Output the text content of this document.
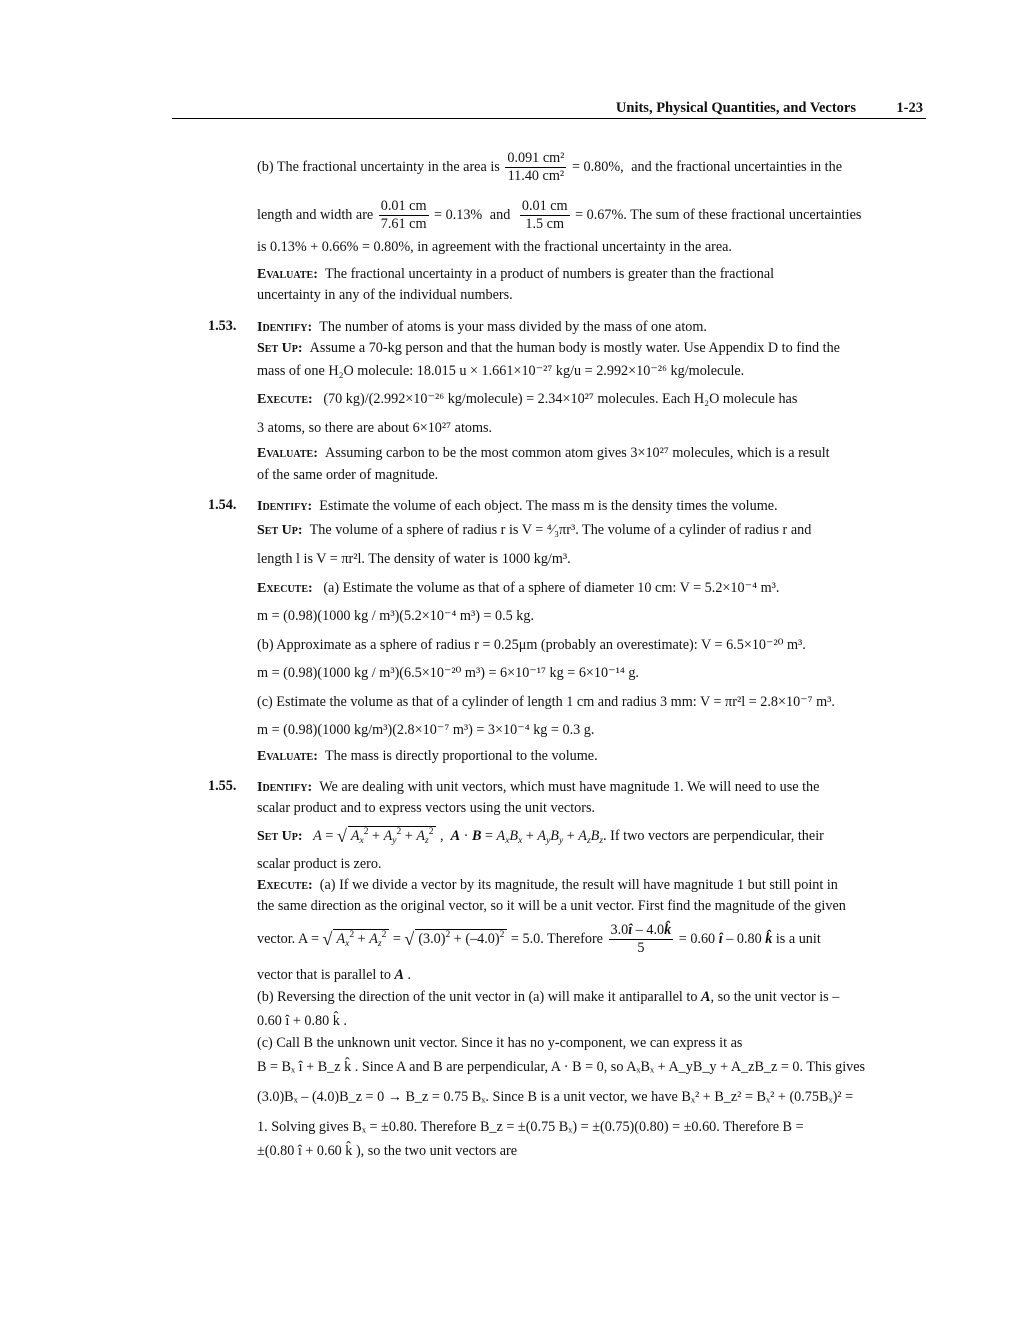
Units, Physical Quantities, and Vectors	1-23
(b) The fractional uncertainty in the area is $\frac{\text{0.091 cm²}}{\text{11.40 cm²}} = 0.80\%$, and the fractional uncertainties in the
length and width are $\frac{0.01 cm}{7.61 cm} = 0.13\%$ and $\frac{0.01 cm}{1.5 cm} = 0.67\%$. The sum of these fractional uncertainties
is 0.13% + 0.66% = 0.80%, in agreement with the fractional uncertainty in the area.
Evaluate: The fractional uncertainty in a product of numbers is greater than the fractional
uncertainty in any of the individual numbers.
1.53. Identify: The number of atoms is your mass divided by the mass of one atom.
Set Up: Assume a 70-kg person and that the human body is mostly water. Use Appendix D to find the
mass of one H₂O molecule: 18.015 u × 1.661×10⁻²⁷ kg/u = 2.992×10⁻²⁶ kg/molecule.
Execute: (70 kg)/(2.992×10⁻²⁶ kg/molecule) = 2.34×10²⁷ molecules. Each H₂O molecule has
3 atoms, so there are about 6×10²⁷ atoms.
Evaluate: Assuming carbon to be the most common atom gives 3×10²⁷ molecules, which is a result
of the same order of magnitude.
1.54. Identify: Estimate the volume of each object. The mass m is the density times the volume.
Set Up: The volume of a sphere of radius r is V = ⁴⁄₃πr³. The volume of a cylinder of radius r and
length l is V = πr²l. The density of water is 1000 kg/m³.
Execute: (a) Estimate the volume as that of a sphere of diameter 10 cm: V = 5.2×10⁻⁴ m³.
m = (0.98)(1000 kg / m³)(5.2×10⁻⁴ m³) = 0.5 kg.
(b) Approximate as a sphere of radius r = 0.25μm (probably an overestimate): V = 6.5×10⁻²⁰ m³.
m = (0.98)(1000 kg / m³)(6.5×10⁻²⁰ m³) = 6×10⁻¹⁷ kg = 6×10⁻¹⁴ g.
(c) Estimate the volume as that of a cylinder of length 1 cm and radius 3 mm: V = πr²l = 2.8×10⁻⁷ m³.
m = (0.98)(1000 kg/m³)(2.8×10⁻⁷ m³) = 3×10⁻⁴ kg = 0.3 g.
Evaluate: The mass is directly proportional to the volume.
1.55. Identify: We are dealing with unit vectors, which must have magnitude 1. We will need to use the
scalar product and to express vectors using the unit vectors.
Set Up: A = √ $A_x^2 + A_y^2 + A_z^2$ ,  $A \cdot B = A_xB_x + A_yB_y + A_zB_z$. If two vectors are perpendicular, their
scalar product is zero.
Execute: (a) If we divide a vector by its magnitude, the result will have magnitude 1 but still point in
the same direction as the original vector, so it will be a unit vector. First find the magnitude of the given
vector. A = √ $A_x^2 + A_z^2$ = √ $(3.0)^2 + (-4.0)^2 = 5.0$. Therefore $\frac{3.0î - 4.0k̂}{5} = 0.60$ î – 0.80 k̂ is a unit
vector that is parallel to A .
(b) Reversing the direction of the unit vector in (a) will make it antiparallel to A, so the unit vector is –
0.60 î + 0.80 k̂ .
(c) Call B the unknown unit vector. Since it has no y-component, we can express it as
B = Bₓ î + B_z k̂ . Since A and B are perpendicular, A · B = 0, so AₓBₓ + A_yB_y + A_zB_z = 0. This gives
(3.0)Bₓ – (4.0)B_z = 0 → B_z = 0.75 Bₓ. Since B is a unit vector, we have Bₓ² + B_z² = Bₓ² + (0.75Bₓ)² =
1. Solving gives Bₓ = ±0.80. Therefore B_z = ±(0.75 Bₓ) = ±(0.75)(0.80) = ±0.60. Therefore B =
±(0.80 î + 0.60 k̂ ), so the two unit vectors are
